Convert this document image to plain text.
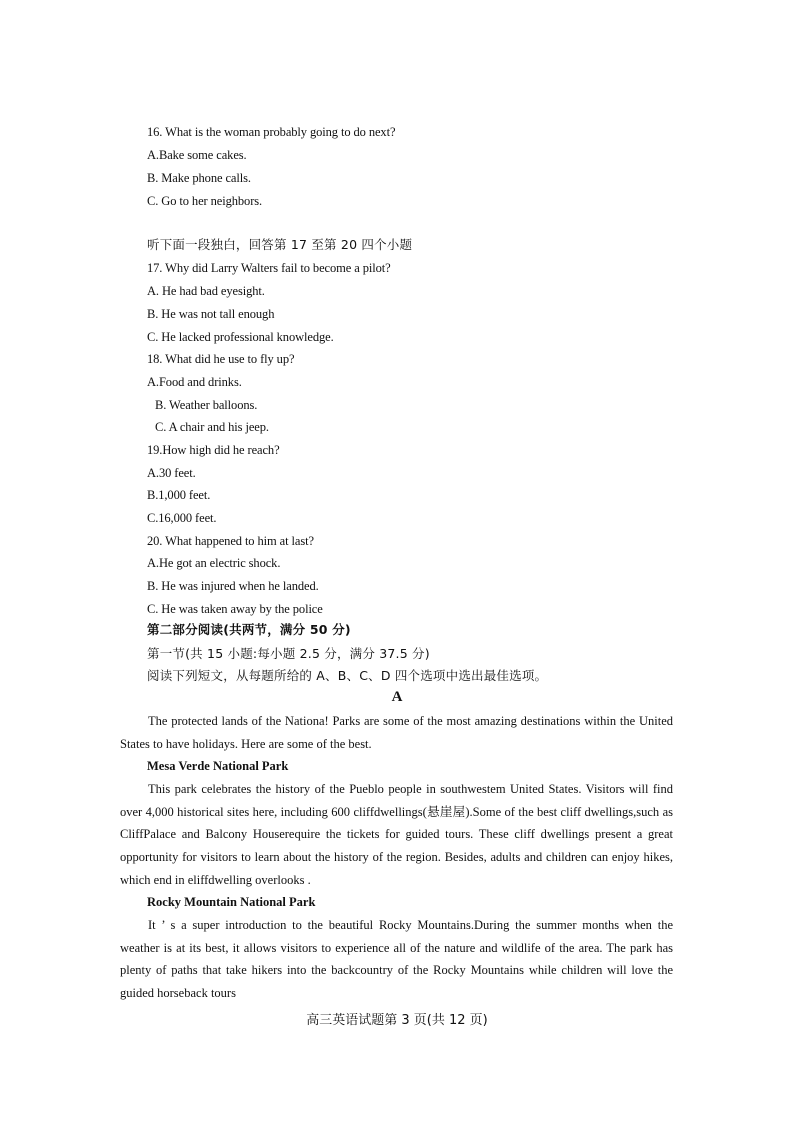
16. What is the woman probably going to do next?
A.Bake some cakes.
B. Make phone calls.
C. Go to her neighbors.
听下面一段独白，回答第 17 至第 20 四个小题
17. Why did Larry Walters fail to become a pilot?
A. He had bad eyesight.
B. He was not tall enough
C. He lacked professional knowledge.
18. What did he use to fly up?
A.Food and drinks.
B. Weather balloons.
C. A chair and his jeep.
19.How high did he reach?
A.30 feet.
B.1,000 feet.
C.16,000 feet.
20. What happened to him at last?
A.He got an electric shock.
B. He was injured when he landed.
C. He was taken away by the police
第二部分阅读(共两节，满分 50 分)
第一节(共 15 小题:每小题 2.5 分，满分 37.5 分)
阅读下列短文，从每题所给的 A、B、C、D 四个选项中选出最佳选项。
A

The protected lands of the Nationa! Parks are some of the most amazing destinations within the United States to have holidays. Here are some of the best.

Mesa Verde National Park

This park celebrates the history of the Pueblo people in southwestem United States. Visitors will find over 4,000 historical sites here, including 600 cliffdwellings(悬崖屋).Some of the best cliff dwellings,such as CliffPalace and Balcony Houserequire the tickets for guided tours. These cliff dwellings present a great opportunity for visitors to learn about the history of the region. Besides, adults and children can enjoy hikes, which end in eliffdwelling overlooks .

Rocky Mountain National Park

It ’ s a super introduction to the beautiful Rocky Mountains.During the summer months when the weather is at its best, it allows visitors to experience all of the nature and wildlife of the area. The park has plenty of paths that take hikers into the backcountry of the Rocky Mountains while children will love the guided horseback tours

高三英语试题第 3 页(共 12 页)
